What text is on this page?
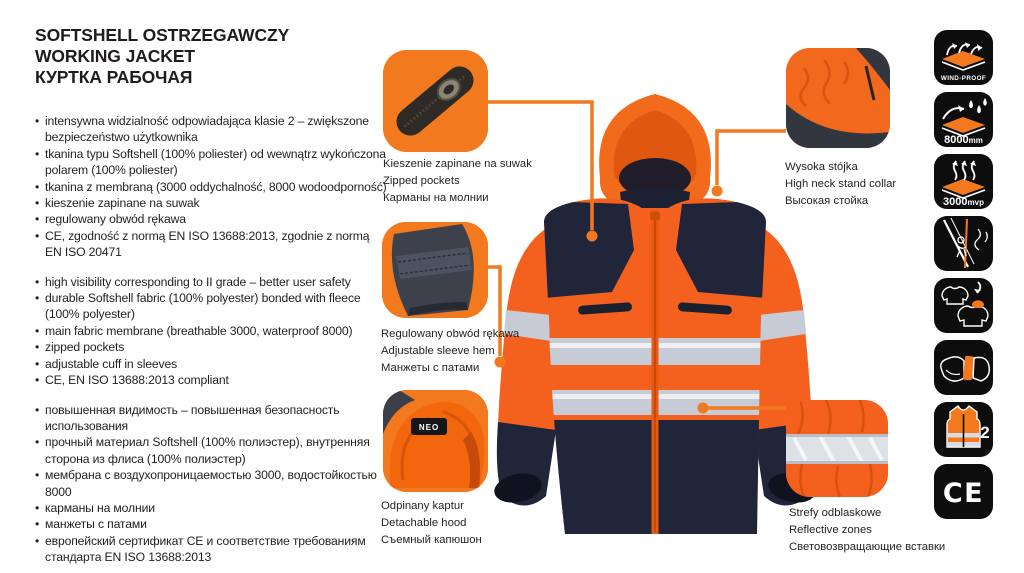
SOFTSHELL OSTRZEGAWCZY
WORKING JACKET
КУРТКА РАБОЧАЯ
• intensywna widzialność odpowiadająca klasie 2 – zwiększone bezpieczeństwo użytkownika
• tkanina typu Softshell (100% poliester) od wewnątrz wykończona polarem (100% poliester)
• tkanina z membraną (3000 oddychalność, 8000 wodoodporność)
• kieszenie zapinane na suwak
• regulowany obwód rękawa
• CE, zgodność z normą EN ISO 13688:2013, zgodnie z normą EN ISO 20471
• high visibility corresponding to II grade – better user safety
• durable Softshell fabric (100% polyester) bonded with fleece (100% polyester)
• main fabric membrane (breathable 3000, waterproof 8000)
• zipped pockets
• adjustable cuff in sleeves
• CE, EN ISO 13688:2013 compliant
• повышенная видимость – повышенная безопасность использования
• прочный материал Softshell (100% полиэстер), внутренняя сторона из флиса (100% полиэстер)
• мембрана с воздухопроницаемостью 3000, водостойкостью 8000
• карманы на молнии
• манжеты с патами
• европейский сертификат CE и соответствие требованиям стандарта EN ISO 13688:2013
Kieszenie zapinane na suwak
Zipped pockets
Карманы на молнии
Wysoka stójka
High neck stand collar
Высокая стойка
Regulowany obwód rękawa
Adjustable sleeve hem
Манжеты с патами
NEO
Odpinany kaptur
Detachable hood
Съемный капюшон
Strefy odblaskowe
Reflective zones
Световозвращающие вставки
WIND-PROOF
8000mm
3000mvp
2
CE
